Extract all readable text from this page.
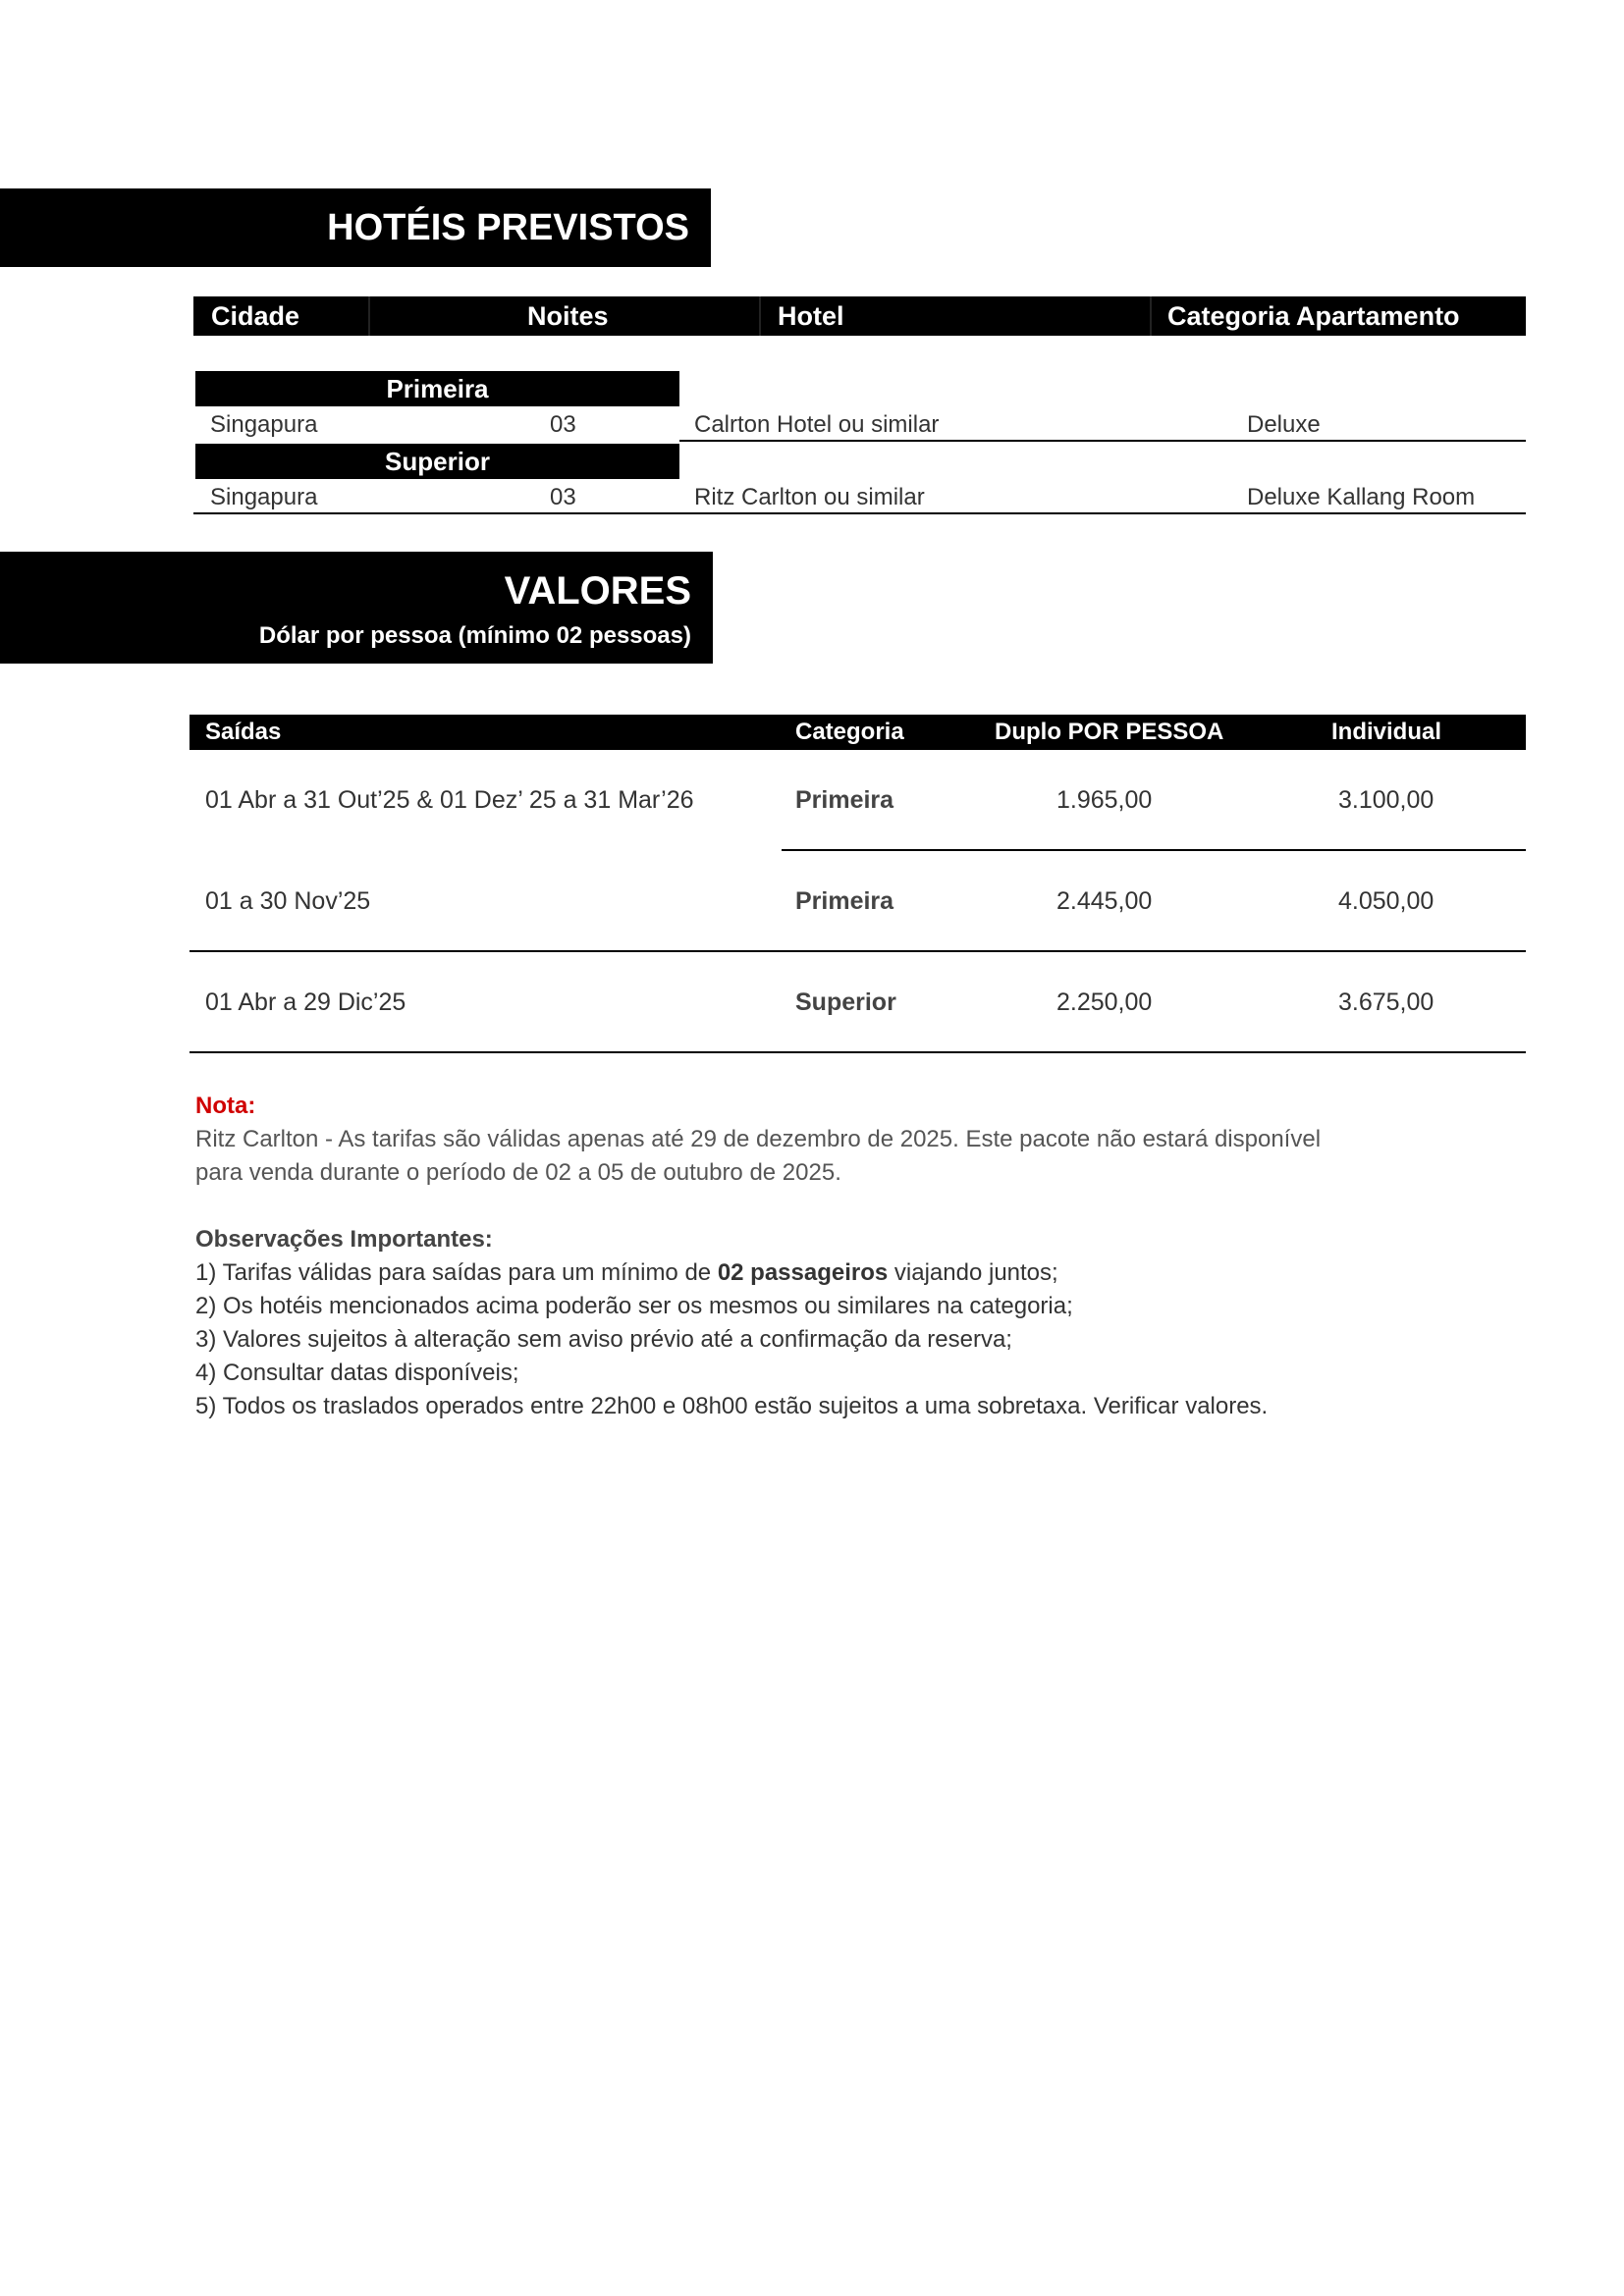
HOTÉIS PREVISTOS
Cidade	Noites	Hotel	Categoria Apartamento
Primeira
Singapura	03	Calrton Hotel ou similar	Deluxe
Superior
Singapura	03	Ritz Carlton ou similar	Deluxe Kallang Room
VALORES
Dólar por pessoa (mínimo 02 pessoas)
Saídas	Categoria	Duplo POR PESSOA	Individual
01 Abr a 31 Out’25 & 01 Dez’ 25 a 31 Mar’26	Primeira	1.965,00	3.100,00
01 a 30 Nov’25	Primeira	2.445,00	4.050,00
01 Abr a 29 Dic’25	Superior	2.250,00	3.675,00
Nota:
Ritz Carlton - As tarifas são válidas apenas até 29 de dezembro de 2025. Este pacote não estará disponível
para venda durante o período de 02 a 05 de outubro de 2025.
Observações Importantes:
1) Tarifas válidas para saídas para um mínimo de 02 passageiros viajando juntos;
2) Os hotéis mencionados acima poderão ser os mesmos ou similares na categoria;
3) Valores sujeitos à alteração sem aviso prévio até a confirmação da reserva;
4) Consultar datas disponíveis;
5) Todos os traslados operados entre 22h00 e 08h00 estão sujeitos a uma sobretaxa. Verificar valores.
